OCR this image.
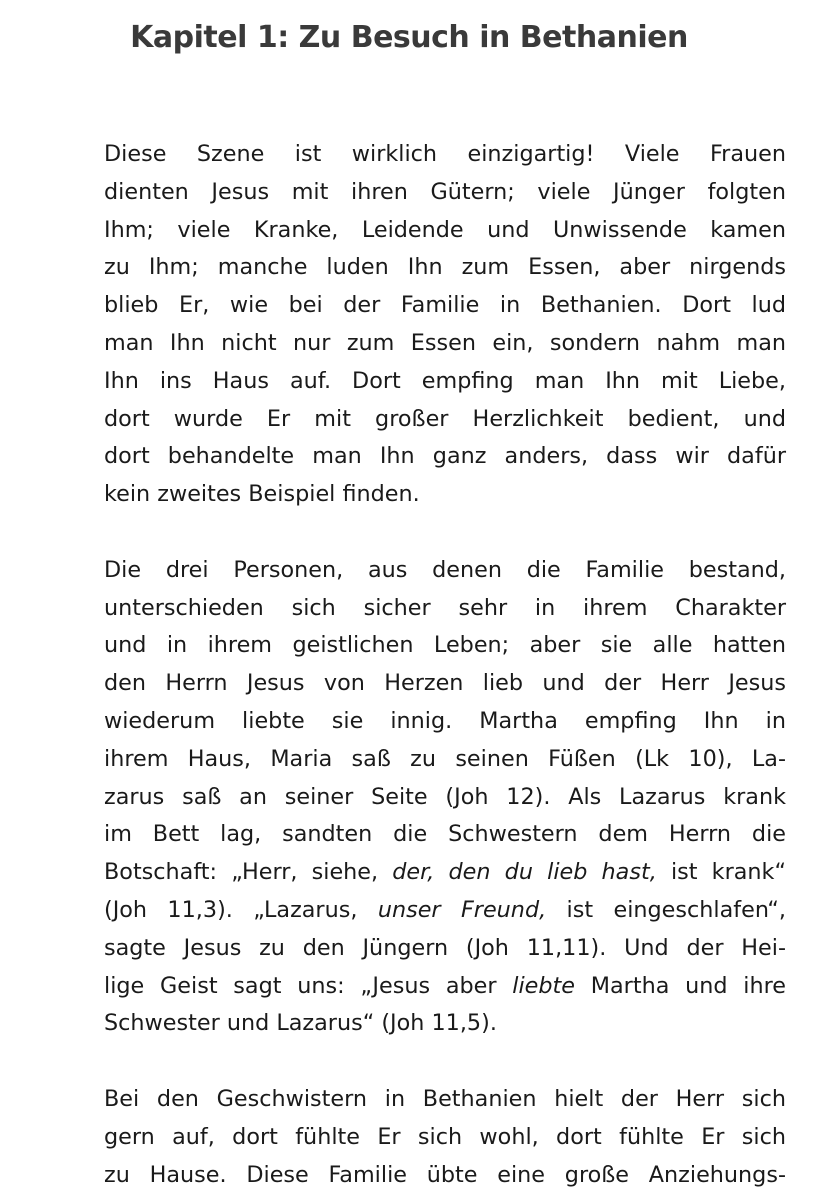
Kapitel 1: Zu Besuch in Bethanien

Diese Szene ist wirklich einzigartig! Viele Frauen
dienten Jesus mit ihren Gütern; viele Jünger folgten
Ihm; viele Kranke, Leidende und Unwissende kamen
zu Ihm; manche luden Ihn zum Essen, aber nirgends
blieb Er, wie bei der Familie in Bethanien. Dort lud
man Ihn nicht nur zum Essen ein, sondern nahm man
Ihn ins Haus auf. Dort empfing man Ihn mit Liebe,
dort wurde Er mit großer Herzlichkeit bedient, und
dort behandelte man Ihn ganz anders, dass wir dafür
kein zweites Beispiel finden.

Die drei Personen, aus denen die Familie bestand,
unterschieden sich sicher sehr in ihrem Charakter
und in ihrem geistlichen Leben; aber sie alle hatten
den Herrn Jesus von Herzen lieb und der Herr Jesus
wiederum liebte sie innig. Martha empfing Ihn in
ihrem Haus, Maria saß zu seinen Füßen (Lk 10), La-
zarus saß an seiner Seite (Joh 12). Als Lazarus krank
im Bett lag, sandten die Schwestern dem Herrn die
Botschaft: „Herr, siehe, der, den du lieb hast, ist krank“
(Joh 11,3). „Lazarus, unser Freund, ist eingeschlafen“,
sagte Jesus zu den Jüngern (Joh 11,11). Und der Hei-
lige Geist sagt uns: „Jesus aber liebte Martha und ihre
Schwester und Lazarus“ (Joh 11,5).

Bei den Geschwistern in Bethanien hielt der Herr sich
gern auf, dort fühlte Er sich wohl, dort fühlte Er sich
zu Hause. Diese Familie übte eine große Anziehungs-
